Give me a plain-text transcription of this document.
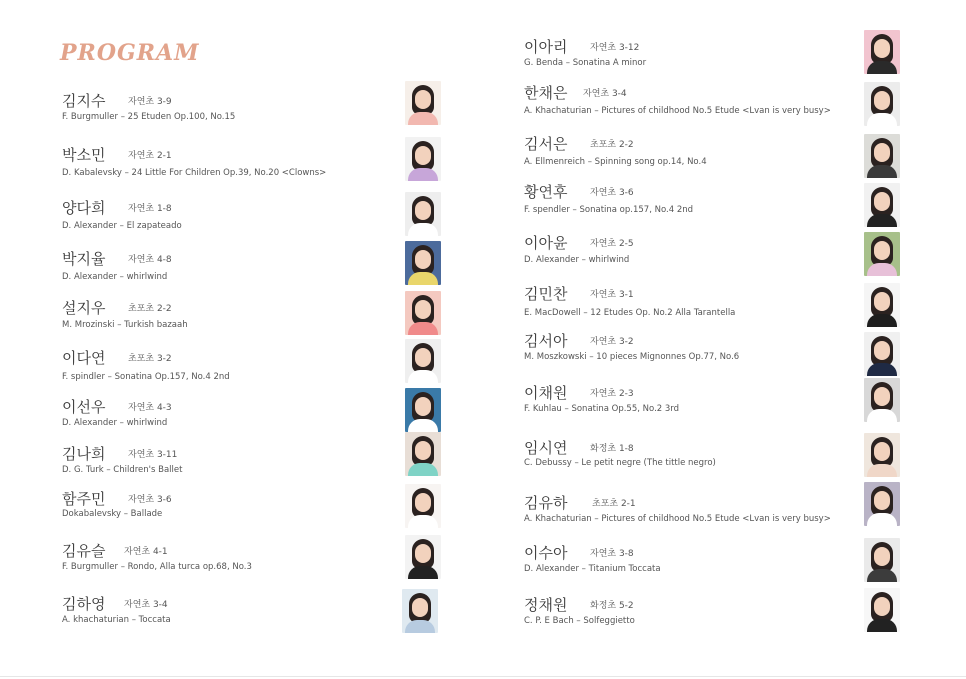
PROGRAM
김지수	자연초 3-9
F. Burgmuller – 25 Etuden Op.100, No.15
박소민	자연초 2-1
D. Kabalevsky – 24 Little For Children Op.39, No.20 <Clowns>
양다희	자연초 1-8
D. Alexander – El zapateado
박지율	자연초 4-8
D. Alexander – whirlwind
설지우	초포초 2-2
M. Mrozinski – Turkish bazaah
이다연	초포초 3-2
F. spindler – Sonatina Op.157, No.4 2nd
이선우	자연초 4-3
D. Alexander – whirlwind
김나희	자연초 3-11
D. G. Turk – Children's Ballet
함주민	자연초 3-6
Dokabalevsky – Ballade
김유슬 자연초 4-1
F. Burgmuller – Rondo, Alla turca op.68, No.3
김하영 자연초 3-4
A. khachaturian – Toccata
이아리	자연초 3-12
G. Benda – Sonatina A minor
한채은 자연초 3-4
A. Khachaturian – Pictures of childhood No.5 Etude <Lvan is very busy>
김서은	초포초 2-2
A. Ellmenreich – Spinning song op.14, No.4
황연후	자연초 3-6
F. spendler – Sonatina op.157, No.4 2nd
이아윤	자연초 2-5
D. Alexander – whirlwind
김민찬	자연초 3-1
E. MacDowell – 12 Etudes Op. No.2 Alla Tarantella
김서아	자연초 3-2
M. Moszkowski – 10 pieces Mignonnes Op.77, No.6
이채원	자연초 2-3
F. Kuhlau – Sonatina Op.55, No.2 3rd
임시연	화정초 1-8
C. Debussy – Le petit negre (The tittle negro)
김유하	초포초 2-1
A. Khachaturian – Pictures of childhood No.5 Etude <Lvan is very busy>
이수아	자연초 3-8
D. Alexander – Titanium Toccata
정채원	화정초 5-2
C. P. E Bach – Solfeggietto
